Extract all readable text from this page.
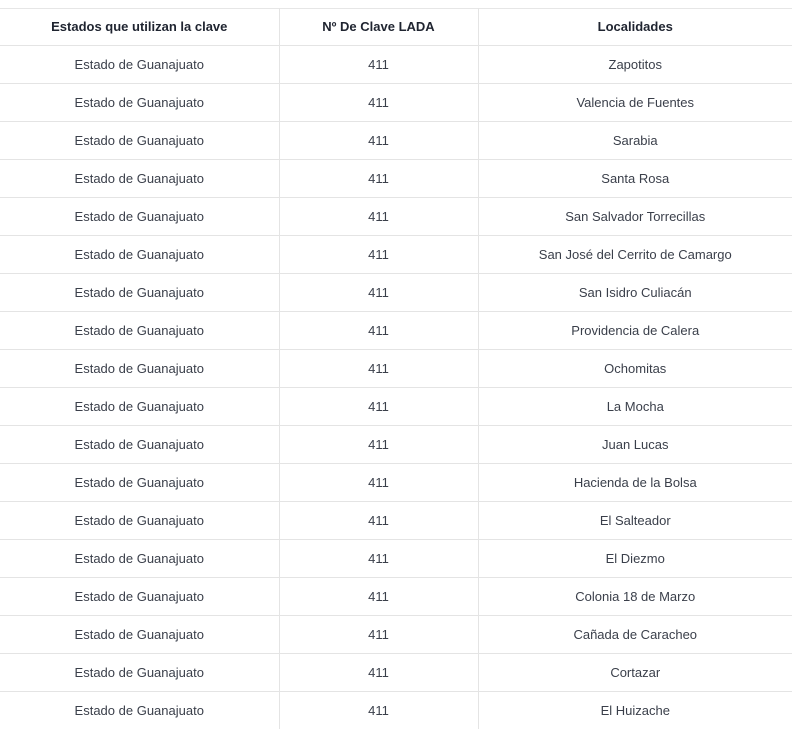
Estados que utilizan la clave	Nº De Clave LADA	Localidades
Estado de Guanajuato	411	Zapotitos
Estado de Guanajuato	411	Valencia de Fuentes
Estado de Guanajuato	411	Sarabia
Estado de Guanajuato	411	Santa Rosa
Estado de Guanajuato	411	San Salvador Torrecillas
Estado de Guanajuato	411	San José del Cerrito de Camargo
Estado de Guanajuato	411	San Isidro Culiacán
Estado de Guanajuato	411	Providencia de Calera
Estado de Guanajuato	411	Ochomitas
Estado de Guanajuato	411	La Mocha
Estado de Guanajuato	411	Juan Lucas
Estado de Guanajuato	411	Hacienda de la Bolsa
Estado de Guanajuato	411	El Salteador
Estado de Guanajuato	411	El Diezmo
Estado de Guanajuato	411	Colonia 18 de Marzo
Estado de Guanajuato	411	Cañada de Caracheo
Estado de Guanajuato	411	Cortazar
Estado de Guanajuato	411	El Huizache
